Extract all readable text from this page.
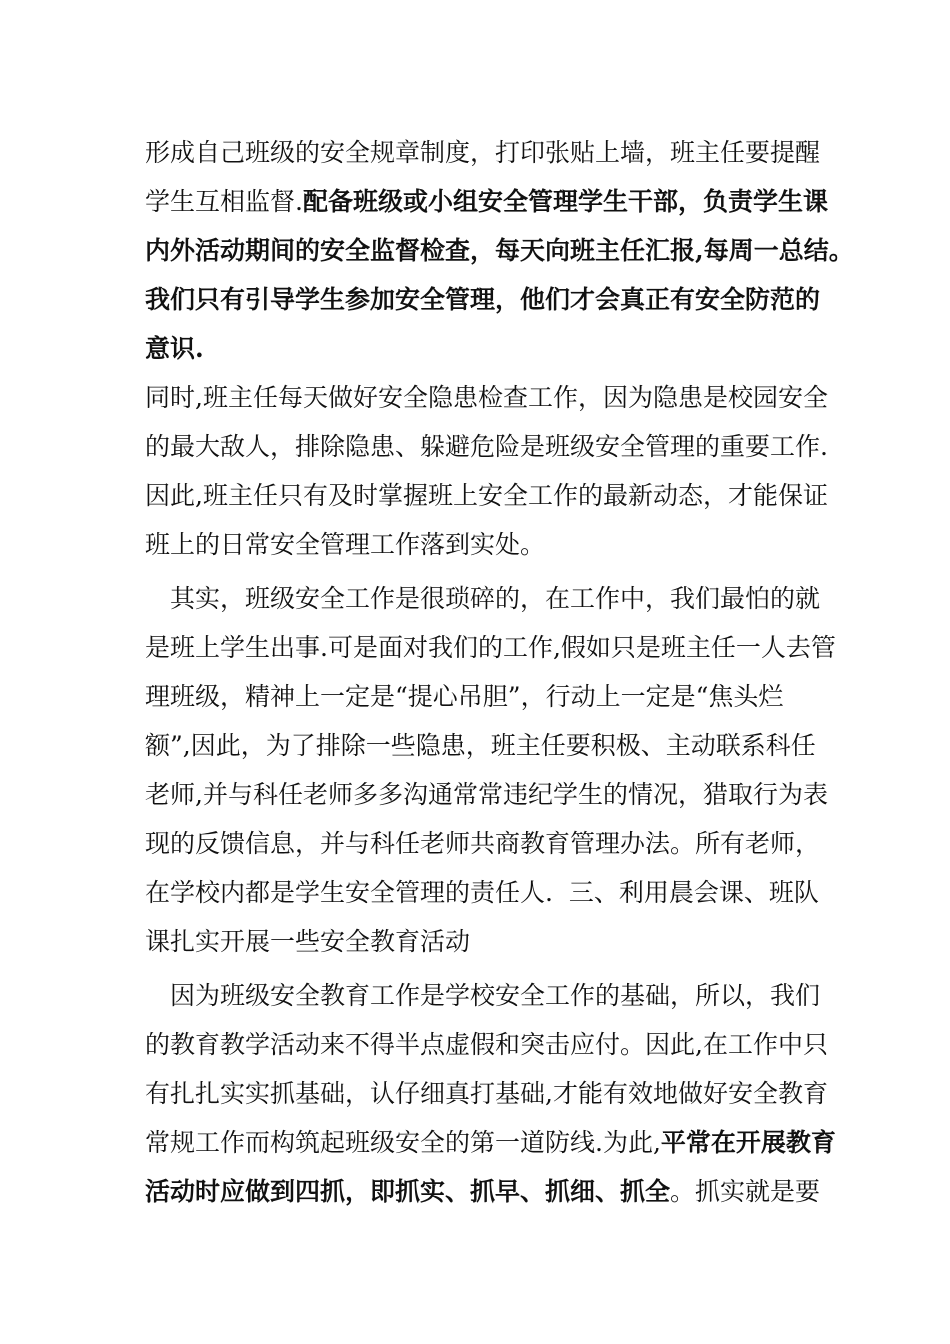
形成自己班级的安全规章制度，打印张贴上墙，班主任要提醒
学生互相监督.配备班级或小组安全管理学生干部，负责学生课
内外活动期间的安全监督检查，每天向班主任汇报,每周一总结。
我们只有引导学生参加安全管理，他们才会真正有安全防范的
意识.
同时,班主任每天做好安全隐患检查工作，因为隐患是校园安全
的最大敌人，排除隐患、躲避危险是班级安全管理的重要工作.
因此,班主任只有及时掌握班上安全工作的最新动态，才能保证
班上的日常安全管理工作落到实处。
其实，班级安全工作是很琐碎的，在工作中，我们最怕的就
是班上学生出事.可是面对我们的工作,假如只是班主任一人去管
理班级，精神上一定是“提心吊胆”，行动上一定是“焦头烂
额”,因此，为了排除一些隐患，班主任要积极、主动联系科任
老师,并与科任老师多多沟通常常违纪学生的情况，猎取行为表
现的反馈信息，并与科任老师共商教育管理办法。所有老师，
在学校内都是学生安全管理的责任人.  三、利用晨会课、班队
课扎实开展一些安全教育活动
因为班级安全教育工作是学校安全工作的基础，所以，我们
的教育教学活动来不得半点虚假和突击应付。因此,在工作中只
有扎扎实实抓基础，认仔细真打基础,才能有效地做好安全教育
常规工作而构筑起班级安全的第一道防线.为此,平常在开展教育
活动时应做到四抓，即抓实、抓早、抓细、抓全。抓实就是要
